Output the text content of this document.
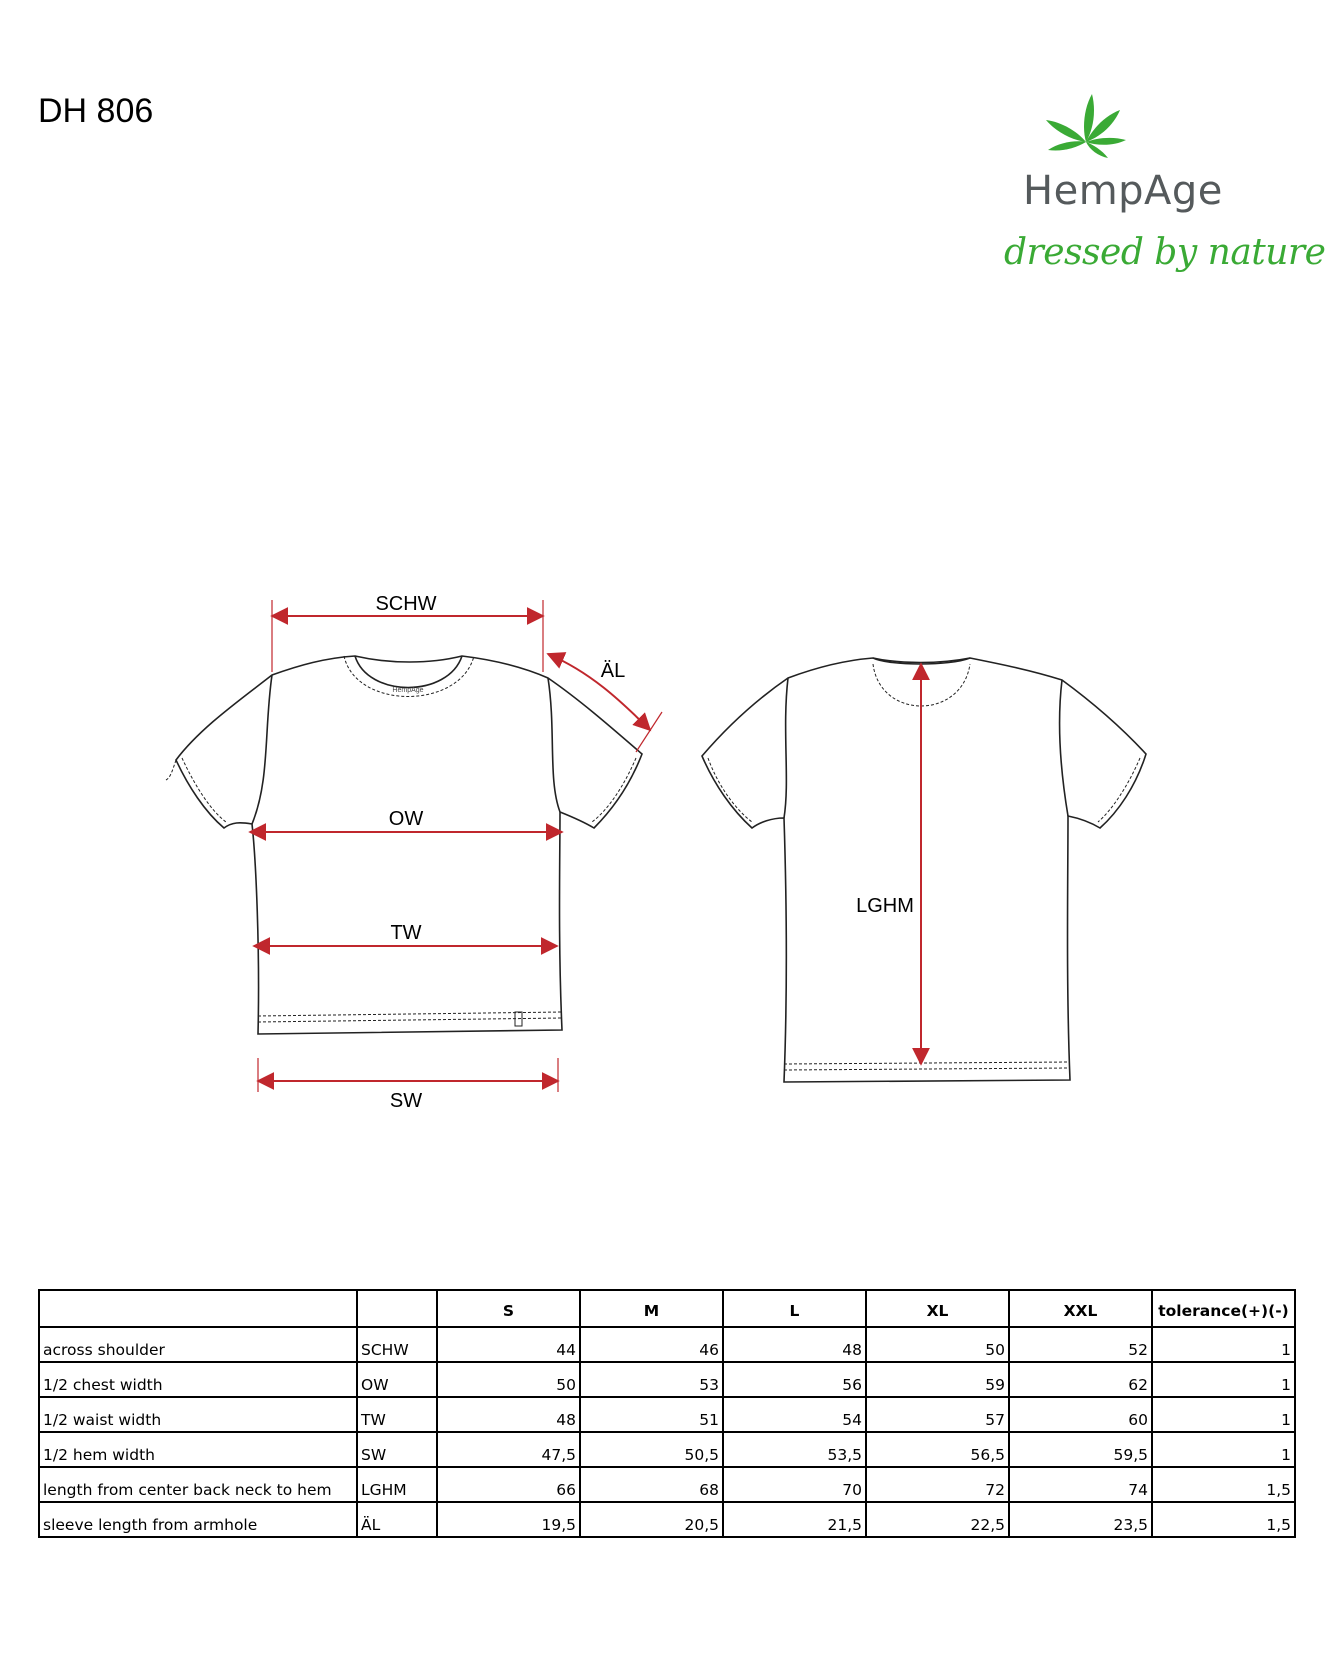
DH 806
HempAge
dressed by nature
HempAge
SCHW
ÄL
OW
TW
SW
LGHM
		S	M	L	XL	XXL	tolerance(+)(-)
across shoulder	SCHW	44	46	48	50	52	1
1/2 chest width	OW	50	53	56	59	62	1
1/2 waist width	TW	48	51	54	57	60	1
1/2 hem width	SW	47,5	50,5	53,5	56,5	59,5	1
length from center back neck to hem	LGHM	66	68	70	72	74	1,5
sleeve length from armhole	ÄL	19,5	20,5	21,5	22,5	23,5	1,5
